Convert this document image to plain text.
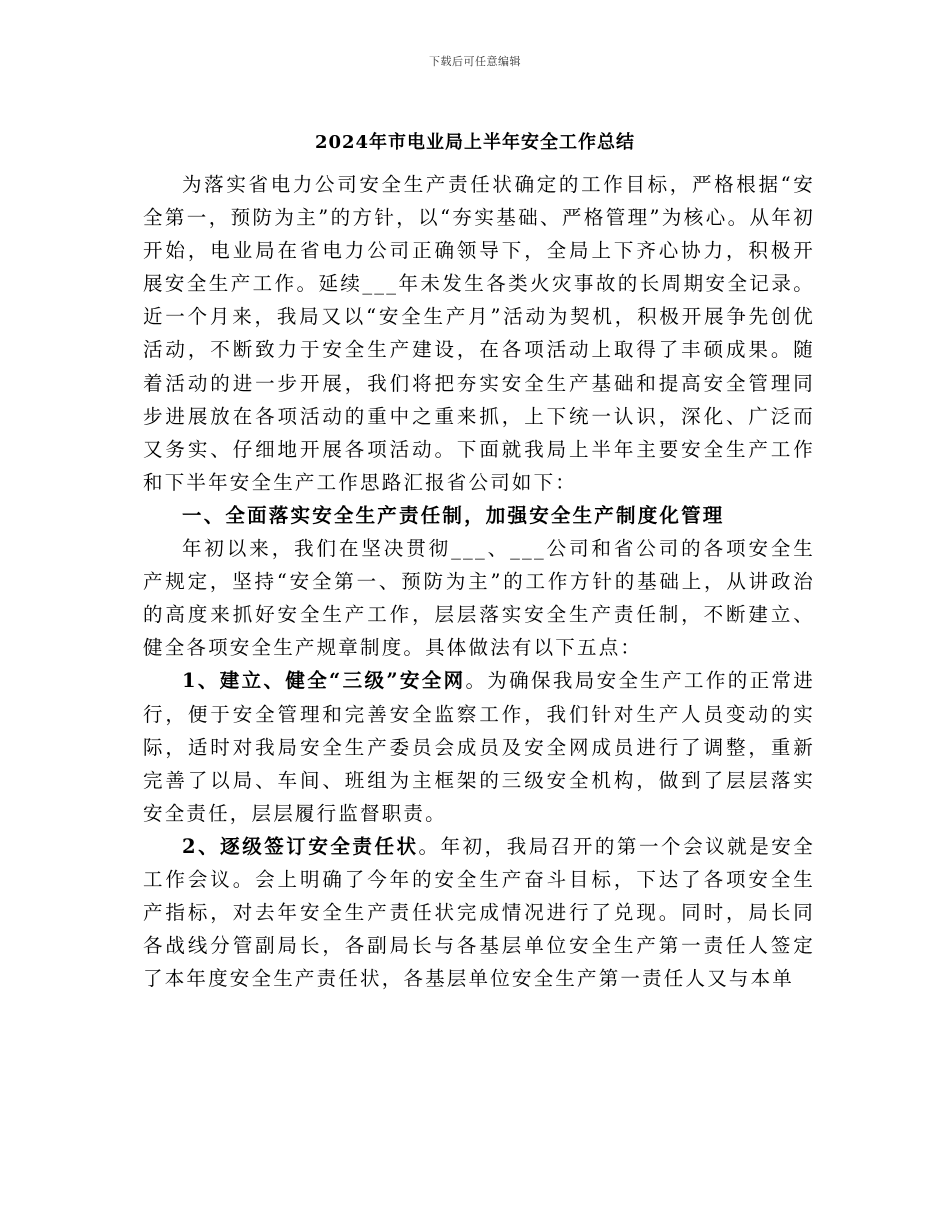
下载后可任意编辑
2024年市电业局上半年安全工作总结

为落实省电力公司安全生产责任状确定的工作目标，严格根据“安全第一，预防为主”的方针，以“夯实基础、严格管理”为核心。从年初开始，电业局在省电力公司正确领导下，全局上下齐心协力，积极开展安全生产工作。延续___年未发生各类火灾事故的长周期安全记录。近一个月来，我局又以“安全生产月”活动为契机，积极开展争先创优活动，不断致力于安全生产建设，在各项活动上取得了丰硕成果。随着活动的进一步开展，我们将把夯实安全生产基础和提高安全管理同步进展放在各项活动的重中之重来抓，上下统一认识，深化、广泛而又务实、仔细地开展各项活动。下面就我局上半年主要安全生产工作和下半年安全生产工作思路汇报省公司如下：

一、全面落实安全生产责任制，加强安全生产制度化管理

年初以来，我们在坚决贯彻___、___公司和省公司的各项安全生产规定，坚持“安全第一、预防为主”的工作方针的基础上，从讲政治的高度来抓好安全生产工作，层层落实安全生产责任制，不断建立、健全各项安全生产规章制度。具体做法有以下五点：

1、建立、健全“三级”安全网。为确保我局安全生产工作的正常进行，便于安全管理和完善安全监察工作，我们针对生产人员变动的实际，适时对我局安全生产委员会成员及安全网成员进行了调整，重新完善了以局、车间、班组为主框架的三级安全机构，做到了层层落实安全责任，层层履行监督职责。

2、逐级签订安全责任状。年初，我局召开的第一个会议就是安全工作会议。会上明确了今年的安全生产奋斗目标，下达了各项安全生产指标，对去年安全生产责任状完成情况进行了兑现。同时，局长同各战线分管副局长，各副局长与各基层单位安全生产第一责任人签定了本年度安全生产责任状，各基层单位安全生产第一责任人又与本单
